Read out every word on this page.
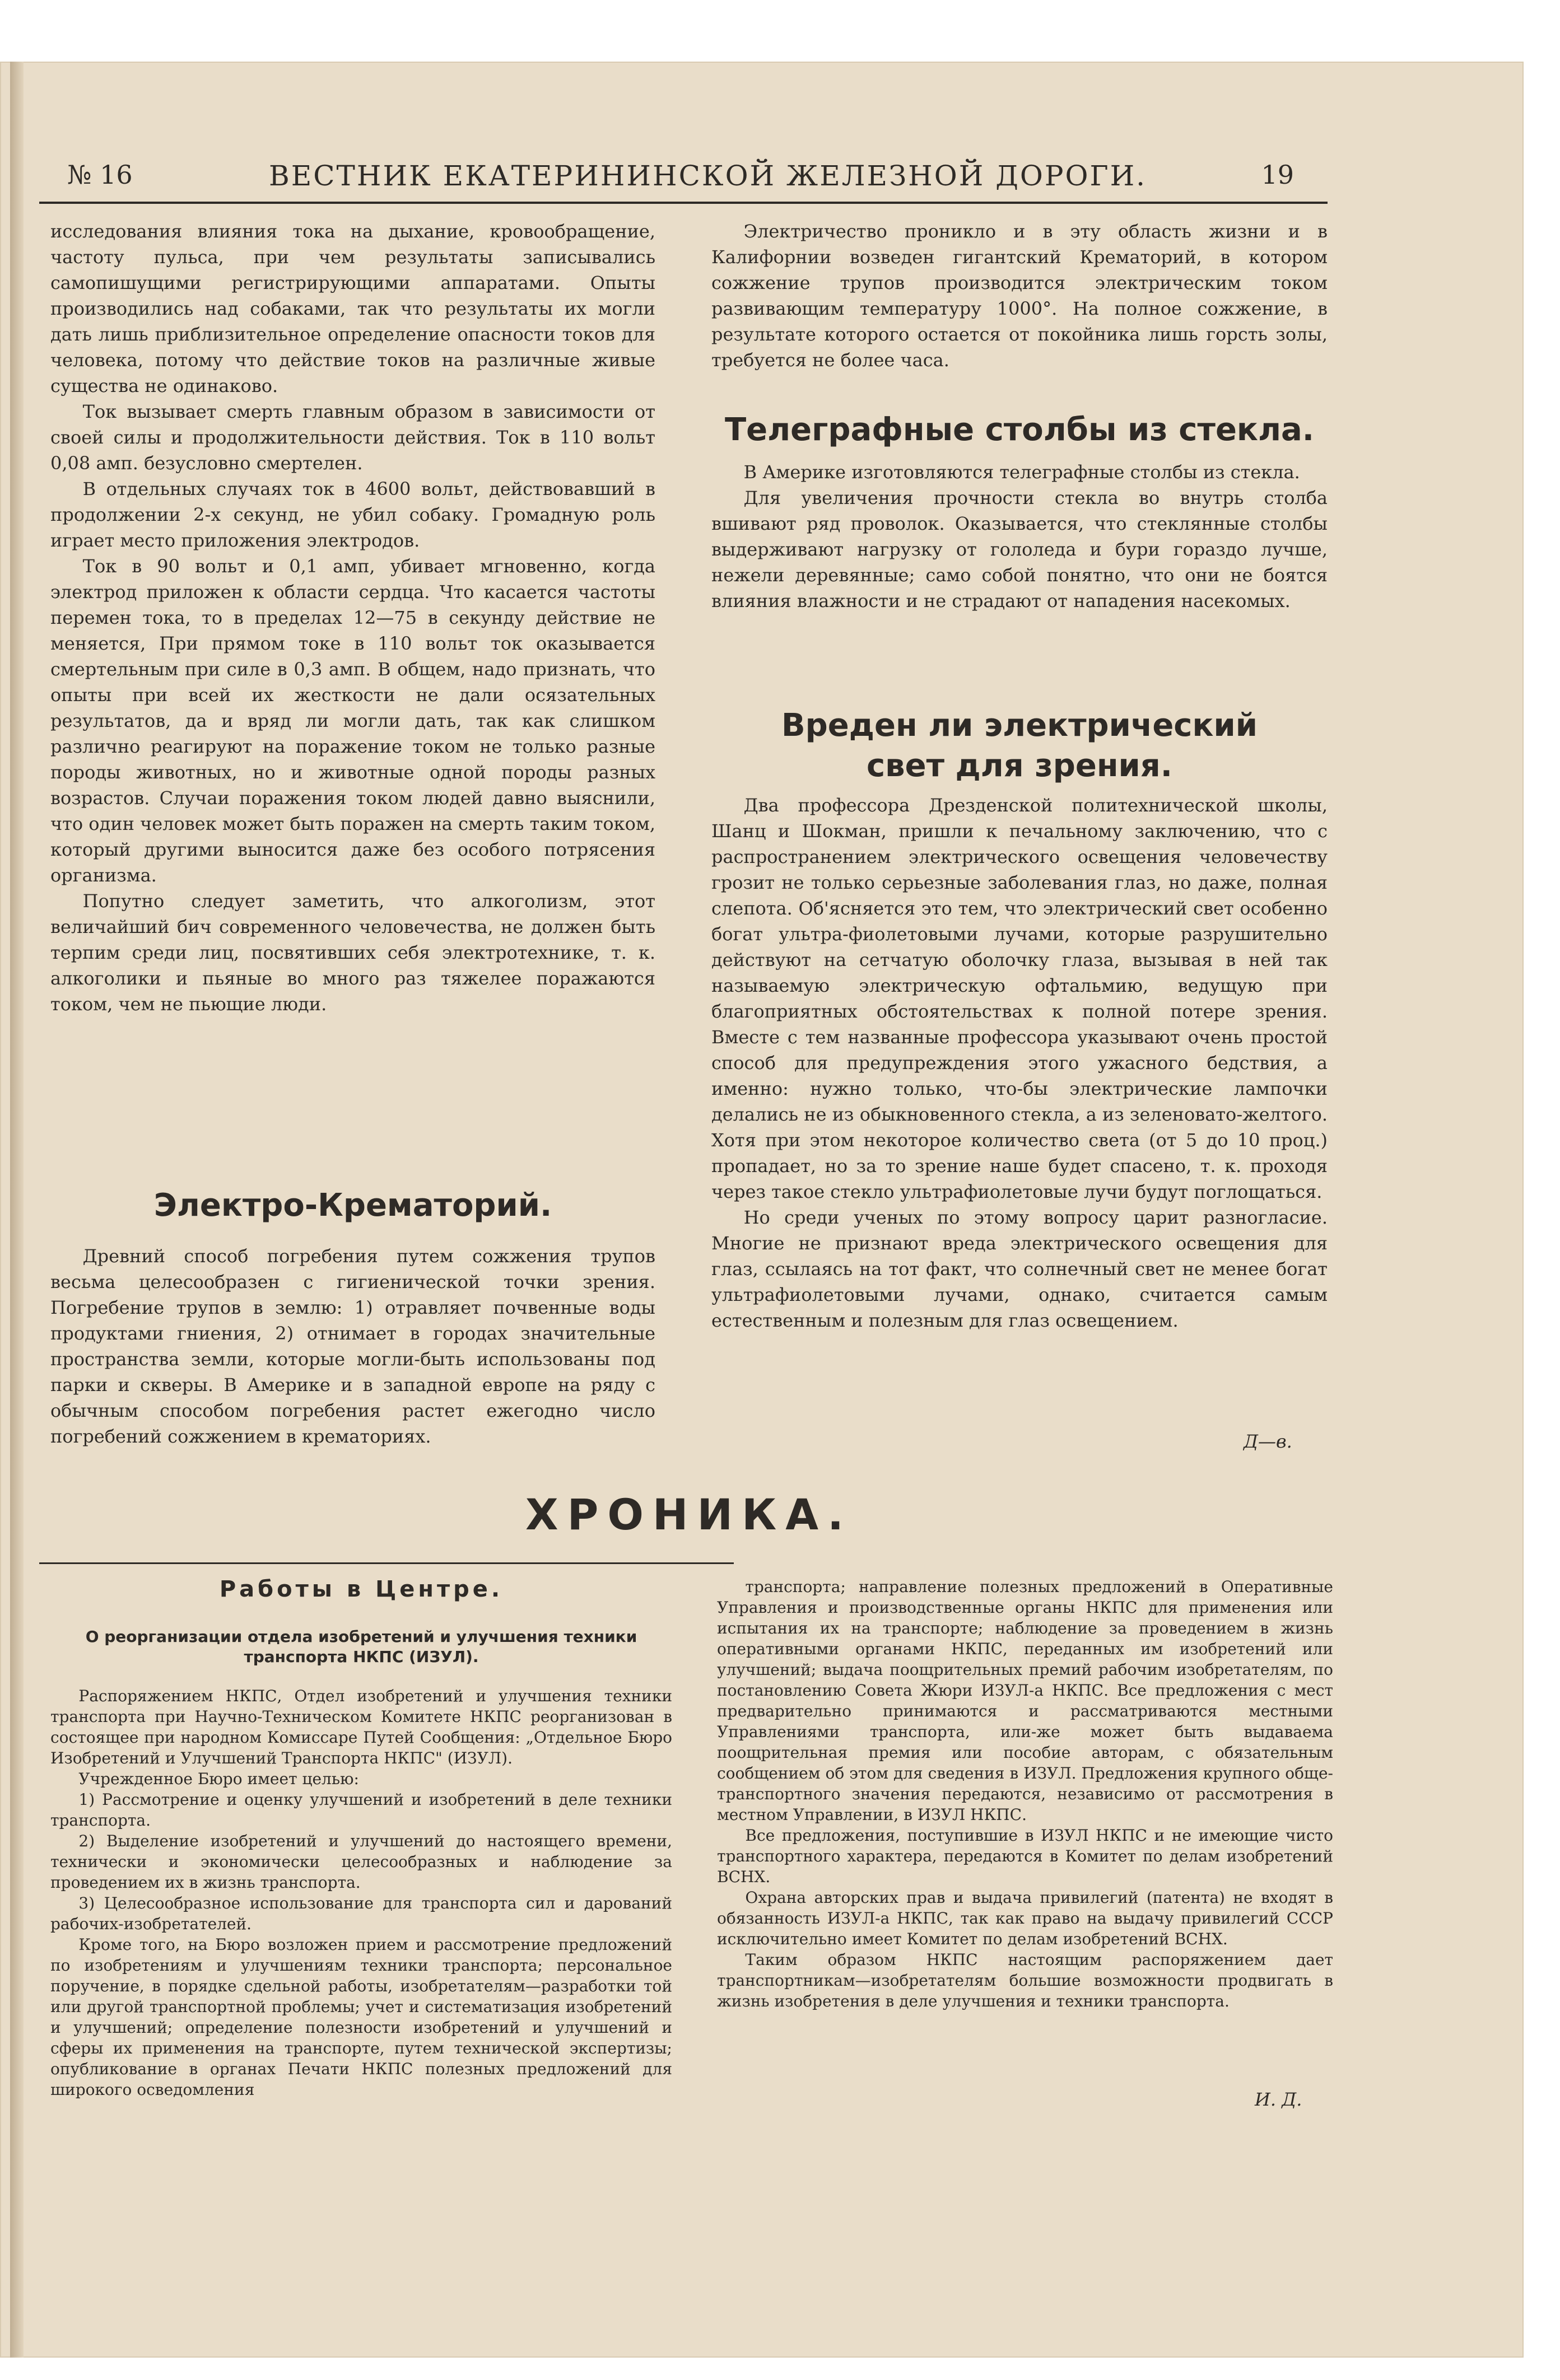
№ 16	ВЕСТНИК ЕКАТЕРИНИНСКОЙ ЖЕЛЕЗНОЙ ДОРОГИ.	19

исследования влияния тока на дыхание, кровообращение, частоту пульса, при чем результаты записывались самопишущими регистрирующими аппаратами. Опыты производились над собаками, так что результаты их могли дать лишь приблизительное определение опасности токов для человека, потому что действие токов на различные живые существа не одинаково.

Ток вызывает смерть главным образом в зависимости от своей силы и продолжительности действия. Ток в 110 вольт 0,08 амп. безусловно смертелен.

В отдельных случаях ток в 4600 вольт, действовавший в продолжении 2-х секунд, не убил собаку. Громадную роль играет место приложения электродов.

Ток в 90 вольт и 0,1 амп, убивает мгновенно, когда электрод приложен к области сердца. Что касается частоты перемен тока, то в пределах 12—75 в секунду действие не меняется, При прямом токе в 110 вольт ток оказывается смертельным при силе в 0,3 амп. В общем, надо признать, что опыты при всей их жесткости не дали осязательных результатов, да и вряд ли могли дать, так как слишком различно реагируют на поражение током не только разные породы животных, но и животные одной породы разных возрастов. Случаи поражения током людей давно выяснили, что один человек может быть поражен на смерть таким током, который другими выносится даже без особого потрясения организма.

Попутно следует заметить, что алкоголизм, этот величайший бич современного человечества, не должен быть терпим среди лиц, посвятивших себя электротехнике, т. к. алкоголики и пьяные во много раз тяжелее поражаются током, чем не пьющие люди.

Электро-Крематорий.

Древний способ погребения путем сожжения трупов весьма целесообразен с гигиенической точки зрения. Погребение трупов в землю: 1) отравляет почвенные воды продуктами гниения, 2) отнимает в городах значительные пространства земли, которые могли-быть использованы под парки и скверы. В Америке и в западной европе на ряду с обычным способом погребения растет ежегодно число погребений сожжением в крематориях.

Электричество проникло и в эту область жизни и в Калифорнии возведен гигантский Крематорий, в котором сожжение трупов производится электрическим током развивающим температуру 1000°. На полное сожжение, в результате которого остается от покойника лишь горсть золы, требуется не более часа.

Телеграфные столбы из стекла.

В Америке изготовляются телеграфные столбы из стекла.

Для увеличения прочности стекла во внутрь столба вшивают ряд проволок. Оказывается, что стеклянные столбы выдерживают нагрузку от гололеда и бури гораздо лучше, нежели деревянные; само собой понятно, что они не боятся влияния влажности и не страдают от нападения насекомых.

Вреден ли электрический свет для зрения.

Два профессора Дрезденской политехнической школы, Шанц и Шокман, пришли к печальному заключению, что с распространением электрического освещения человечеству грозит не только серьезные заболевания глаз, но даже, полная слепота. Об'ясняется это тем, что электрический свет особенно богат ультра-фиолетовыми лучами, которые разрушительно действуют на сетчатую оболочку глаза, вызывая в ней так называемую электрическую офтальмию, ведущую при благоприятных обстоятельствах к полной потере зрения. Вместе с тем названные профессора указывают очень простой способ для предупреждения этого ужасного бедствия, а именно: нужно только, что-бы электрические лампочки делались не из обыкновенного стекла, а из зеленовато-желтого. Хотя при этом некоторое количество света (от 5 до 10 проц.) пропадает, но за то зрение наше будет спасено, т. к. проходя через такое стекло ультрафиолетовые лучи будут поглощаться.

Но среди ученых по этому вопросу царит разногласие. Многие не признают вреда электрического освещения для глаз, ссылаясь на тот факт, что солнечный свет не менее богат ультрафиолетовыми лучами, однако, считается самым естественным и полезным для глаз освещением.

Д—в.
ХРОНИКА.
Работы в Центре.
О реорганизации отдела изобретений и улучшения техники транспорта НКПС (ИЗУЛ).

Распоряжением НКПС, Отдел изобретений и улучшения техники транспорта при Научно-Техническом Комитете НКПС реорганизован в состоящее при народном Комиссаре Путей Сообщения: „Отдельное Бюро Изобретений и Улучшений Транспорта НКПС" (ИЗУЛ).

Учрежденное Бюро имеет целью:

1) Рассмотрение и оценку улучшений и изобретений в деле техники транспорта.

2) Выделение изобретений и улучшений до настоящего времени, технически и экономически целесообразных и наблюдение за проведением их в жизнь транспорта.

3) Целесообразное использование для транспорта сил и дарований рабочих-изобретателей.

Кроме того, на Бюро возложен прием и рассмотрение предложений по изобретениям и улучшениям техники транспорта; персональное поручение, в порядке сдельной работы, изобретателям—разработки той или другой транспортной проблемы; учет и систематизация изобретений и улучшений; определение полезности изобретений и улучшений и сферы их применения на транспорте, путем технической экспертизы; опубликование в органах Печати НКПС полезных предложений для широкого осведомления

транспорта; направление полезных предложений в Оперативные Управления и производственные органы НКПС для применения или испытания их на транспорте; наблюдение за проведением в жизнь оперативными органами НКПС, переданных им изобретений или улучшений; выдача поощрительных премий рабочим изобретателям, по постановлению Совета Жюри ИЗУЛ-а НКПС. Все предложения с мест предварительно принимаются и рассматриваются местными Управлениями транспорта, или-же может быть выдаваема поощрительная премия или пособие авторам, с обязательным сообщением об этом для сведения в ИЗУЛ. Предложения крупного обще-транспортного значения передаются, независимо от рассмотрения в местном Управлении, в ИЗУЛ НКПС.

Все предложения, поступившие в ИЗУЛ НКПС и не имеющие чисто транспортного характера, передаются в Комитет по делам изобретений ВСНХ.

Охрана авторских прав и выдача привилегий (патента) не входят в обязанность ИЗУЛ-а НКПС, так как право на выдачу привилегий СССР исключительно имеет Комитет по делам изобретений ВСНХ.

Таким образом НКПС настоящим распоряжением дает транспортникам—изобретателям большие возможности продвигать в жизнь изобретения в деле улучшения и техники транспорта.

И. Д.
